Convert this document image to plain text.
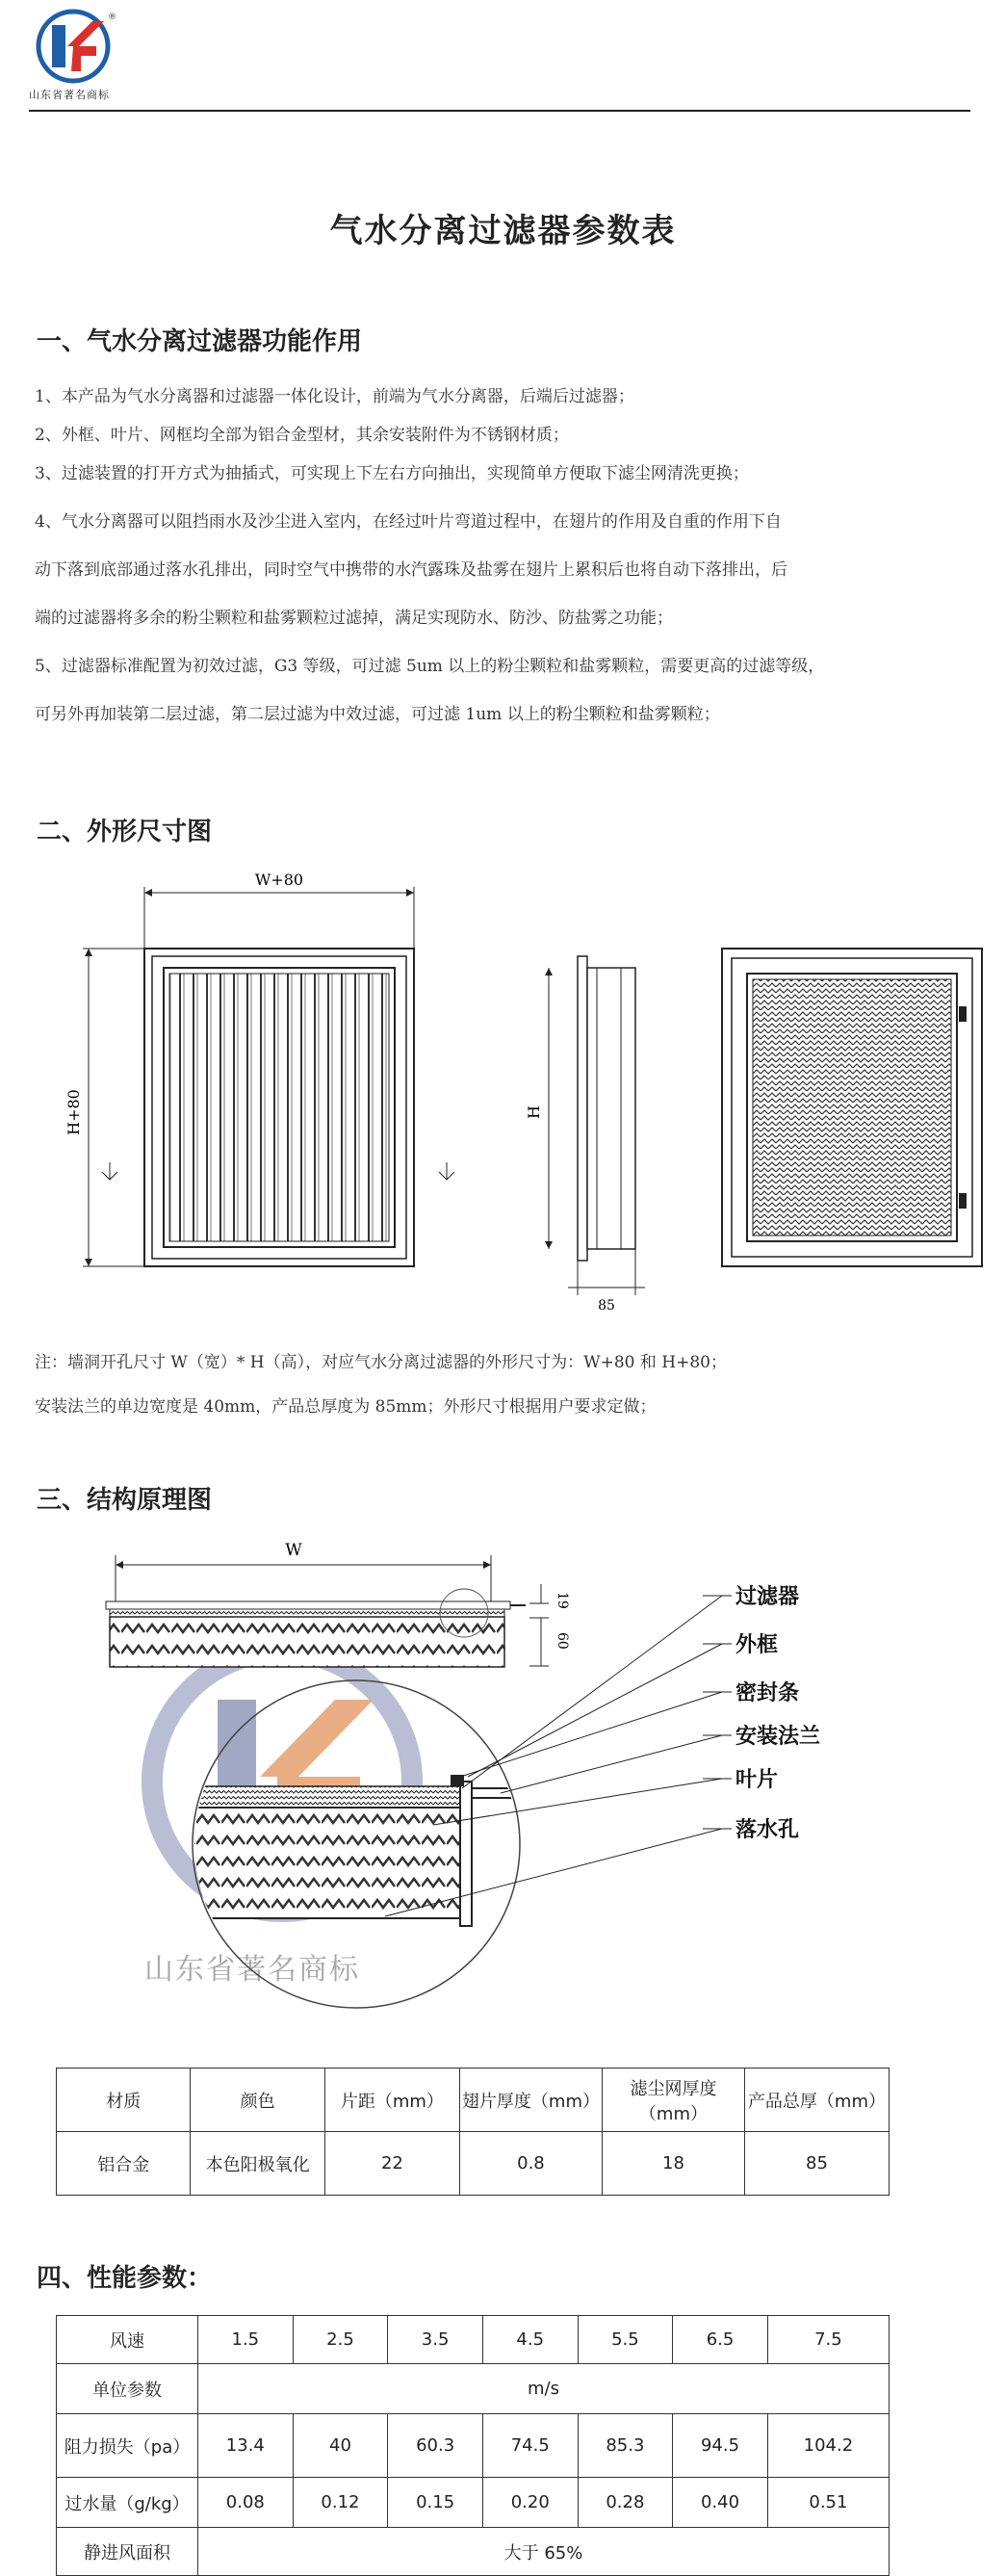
®
山东省著名商标
气水分离过滤器参数表
一、气水分离过滤器功能作用

1、本产品为气水分离器和过滤器一体化设计，前端为气水分离器，后端后过滤器；

2、外框、叶片、网框均全部为铝合金型材，其余安装附件为不锈钢材质；

3、过滤装置的打开方式为抽插式，可实现上下左右方向抽出，实现简单方便取下滤尘网清洗更换；

4、气水分离器可以阻挡雨水及沙尘进入室内，在经过叶片弯道过程中，在翅片的作用及自重的作用下自

动下落到底部通过落水孔排出，同时空气中携带的水汽露珠及盐雾在翅片上累积后也将自动下落排出，后

端的过滤器将多余的粉尘颗粒和盐雾颗粒过滤掉，满足实现防水、防沙、防盐雾之功能；

5、过滤器标准配置为初效过滤，G3 等级，可过滤 5um 以上的粉尘颗粒和盐雾颗粒，需要更高的过滤等级，

可另外再加装第二层过滤，第二层过滤为中效过滤，可过滤 1um 以上的粉尘颗粒和盐雾颗粒；

二、外形尺寸图
W+80
H+80	H
85
注：墙洞开孔尺寸 W（宽）* H（高），对应气水分离过滤器的外形尺寸为：W+80 和 H+80；
安装法兰的单边宽度是 40mm，产品总厚度为 85mm；外形尺寸根据用户要求定做；
三、结构原理图
山东省著名商标
W
19
60
过滤器
外框
密封条
安装法兰
叶片
落水孔
材质	颜色	片距（mm）	翅片厚度（mm）	滤尘网厚度（mm）	产品总厚（mm）
铝合金	本色阳极氧化	22	0.8	18	85
四、性能参数：
风速	1.5	2.5	3.5	4.5	5.5	6.5	7.5
单位参数	m/s						
阻力损失（pa）	13.4	40	60.3	74.5	85.3	94.5	104.2
过水量（g/kg）	0.08	0.12	0.15	0.20	0.28	0.40	0.51
静进风面积	大于 65%						
